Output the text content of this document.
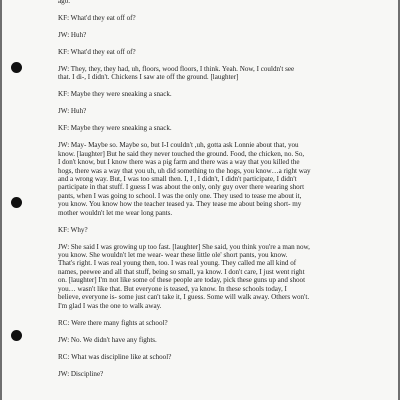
ago.

KF: What'd they eat off of?

JW: Huh?

KF: What'd they eat off of?

JW: They, they, they had, uh, floors, wood floors, I think. Yeah. Now, I couldn't see
that. I di-, I didn't. Chickens I saw ate off the ground. [laughter]

KF: Maybe they were sneaking a snack.

JW: Huh?

KF: Maybe they were sneaking a snack.

JW: May- Maybe so. Maybe so, but I-I couldn't ,uh, gotta ask Lonnie about that, you
know. [laughter] But he said they never touched the ground. Food, the chicken, no. So,
I don't know, but I know there was a pig farm and there was a way that you killed the
hogs, there was a way that you uh, uh did something to the hogs, you know…a right way
and a wrong way. But, I was too small then. I, I , I didn't, I didn't participate, I didn't
participate in that stuff. I guess I was about the only, only guy over there wearing short
pants, when I was going to school. I was the only one. They used to tease me about it,
you know. You know how the teacher teased ya. They tease me about being short- my
mother wouldn't let me wear long pants.

KF: Why?

JW: She said I was growing up too fast. [laughter] She said, you think you're a man now,
you know. She wouldn't let me wear- wear these little ole' short pants, you know.
That's right. I was real young then, too. I was real young. They called me all kind of
names, peewee and all that stuff, being so small, ya know. I don't care, I just went right
on. [laughter] I'm not like some of these people are today, pick these guns up and shoot
you… wasn't like that. But everyone is teased, ya know. In these schools today, I
believe, everyone is- some just can't take it, I guess. Some will walk away. Others won't.
I'm glad I was the one to walk away.

RC: Were there many fights at school?

JW: No. We didn't have any fights.

RC: What was discipline like at school?

JW: Discipline?
